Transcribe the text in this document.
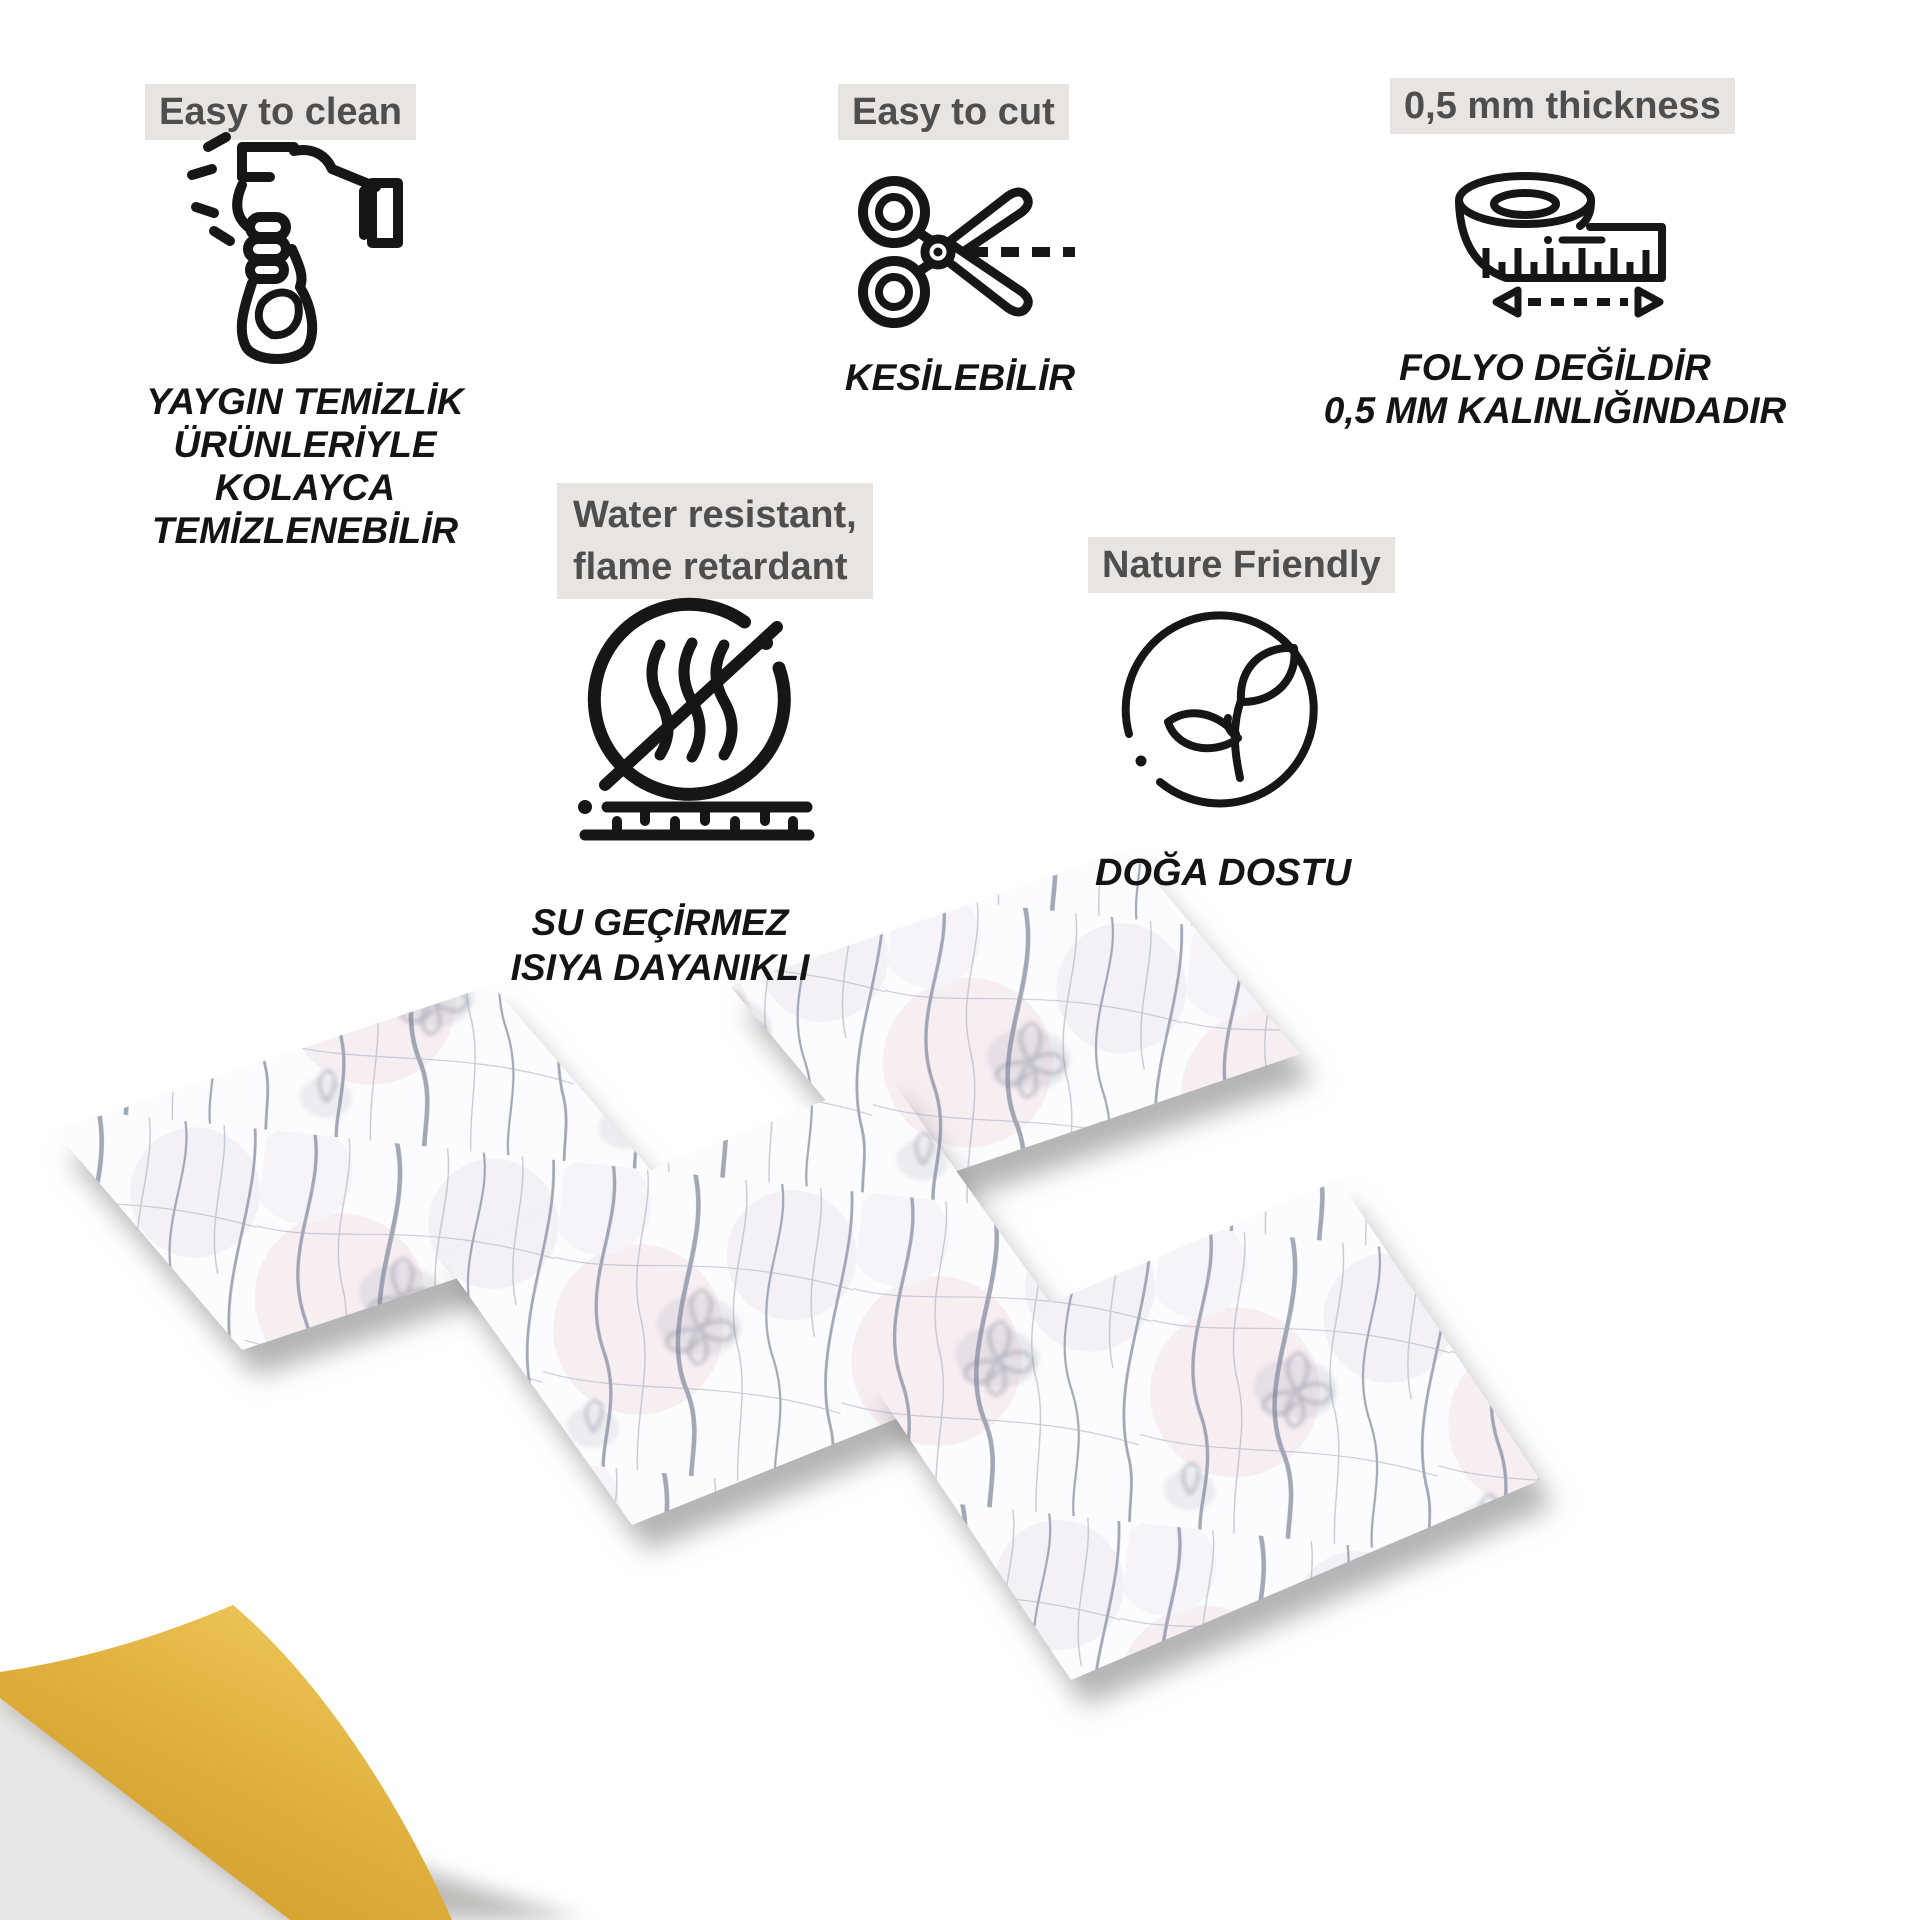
Easy to clean
YAYGIN TEMİZLİK
ÜRÜNLERİYLE
KOLAYCA
TEMİZLENEBİLİR
Easy to cut
KESİLEBİLİR
0,5 mm thickness
FOLYO DEĞİLDİR
0,5 MM KALINLIĞINDADIR
Water resistant,
flame retardant
SU GEÇİRMEZ
ISIYA DAYANIKLI
Nature Friendly
DOĞA DOSTU
